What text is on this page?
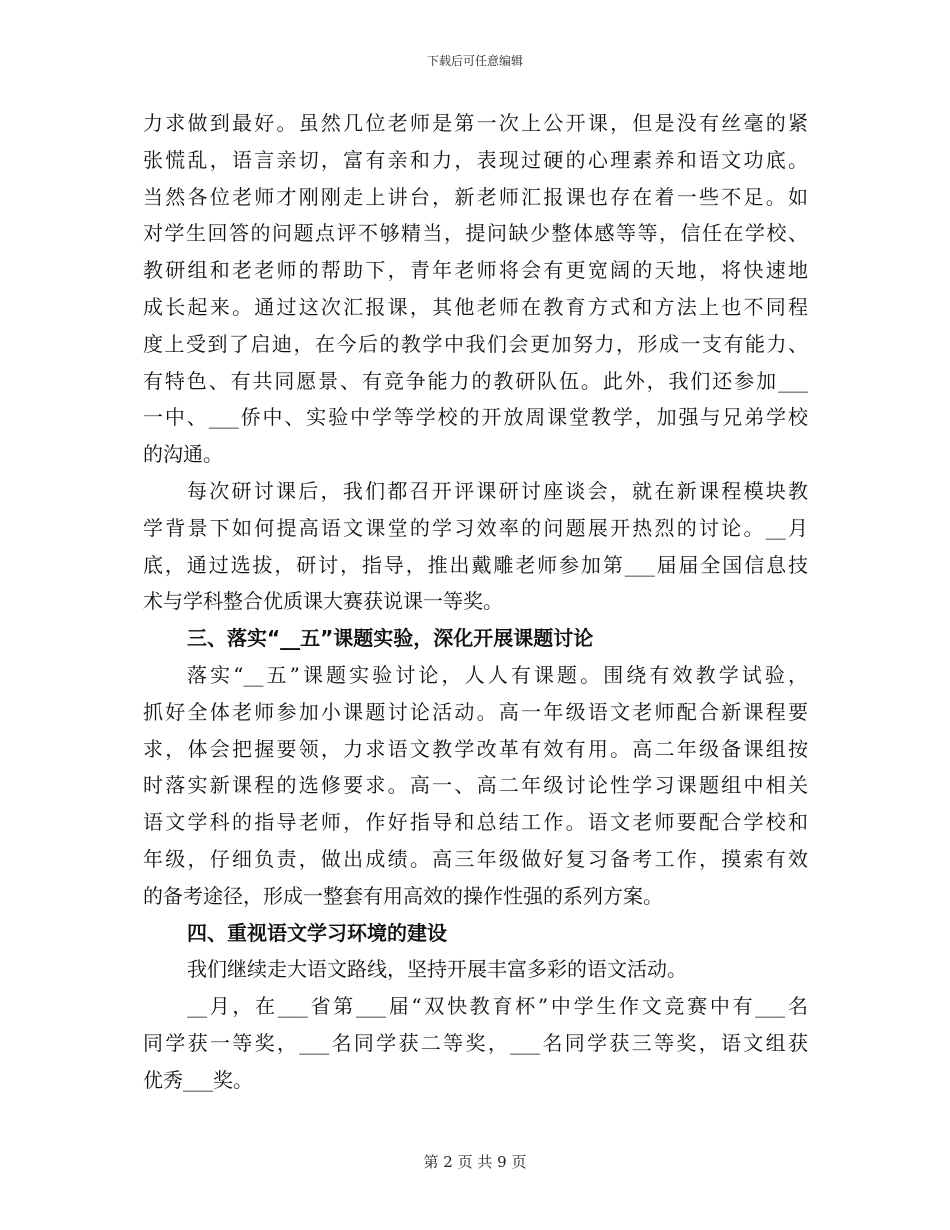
下载后可任意编辑
力求做到最好。虽然几位老师是第一次上公开课，但是没有丝毫的紧
张慌乱，语言亲切，富有亲和力，表现过硬的心理素养和语文功底。
当然各位老师才刚刚走上讲台，新老师汇报课也存在着一些不足。如
对学生回答的问题点评不够精当，提问缺少整体感等等，信任在学校、
教研组和老老师的帮助下，青年老师将会有更宽阔的天地，将快速地
成长起来。通过这次汇报课，其他老师在教育方式和方法上也不同程
度上受到了启迪，在今后的教学中我们会更加努力，形成一支有能力、
有特色、有共同愿景、有竞争能力的教研队伍。此外，我们还参加___
一中、___侨中、实验中学等学校的开放周课堂教学，加强与兄弟学校
的沟通。
每次研讨课后，我们都召开评课研讨座谈会，就在新课程模块教
学背景下如何提高语文课堂的学习效率的问题展开热烈的讨论。__月
底，通过选拔，研讨，指导，推出戴雕老师参加第___届届全国信息技
术与学科整合优质课大赛获说课一等奖。
三、落实“__五”课题实验，深化开展课题讨论
落实“__五”课题实验讨论，人人有课题。围绕有效教学试验，
抓好全体老师参加小课题讨论活动。高一年级语文老师配合新课程要
求，体会把握要领，力求语文教学改革有效有用。高二年级备课组按
时落实新课程的选修要求。高一、高二年级讨论性学习课题组中相关
语文学科的指导老师，作好指导和总结工作。语文老师要配合学校和
年级，仔细负责，做出成绩。高三年级做好复习备考工作，摸索有效
的备考途径，形成一整套有用高效的操作性强的系列方案。
四、重视语文学习环境的建设
我们继续走大语文路线，坚持开展丰富多彩的语文活动。
__月，在___省第___届“双快教育杯”中学生作文竞赛中有___名
同学获一等奖，___名同学获二等奖，___名同学获三等奖，语文组获
优秀___奖。
第 2 页 共 9 页
